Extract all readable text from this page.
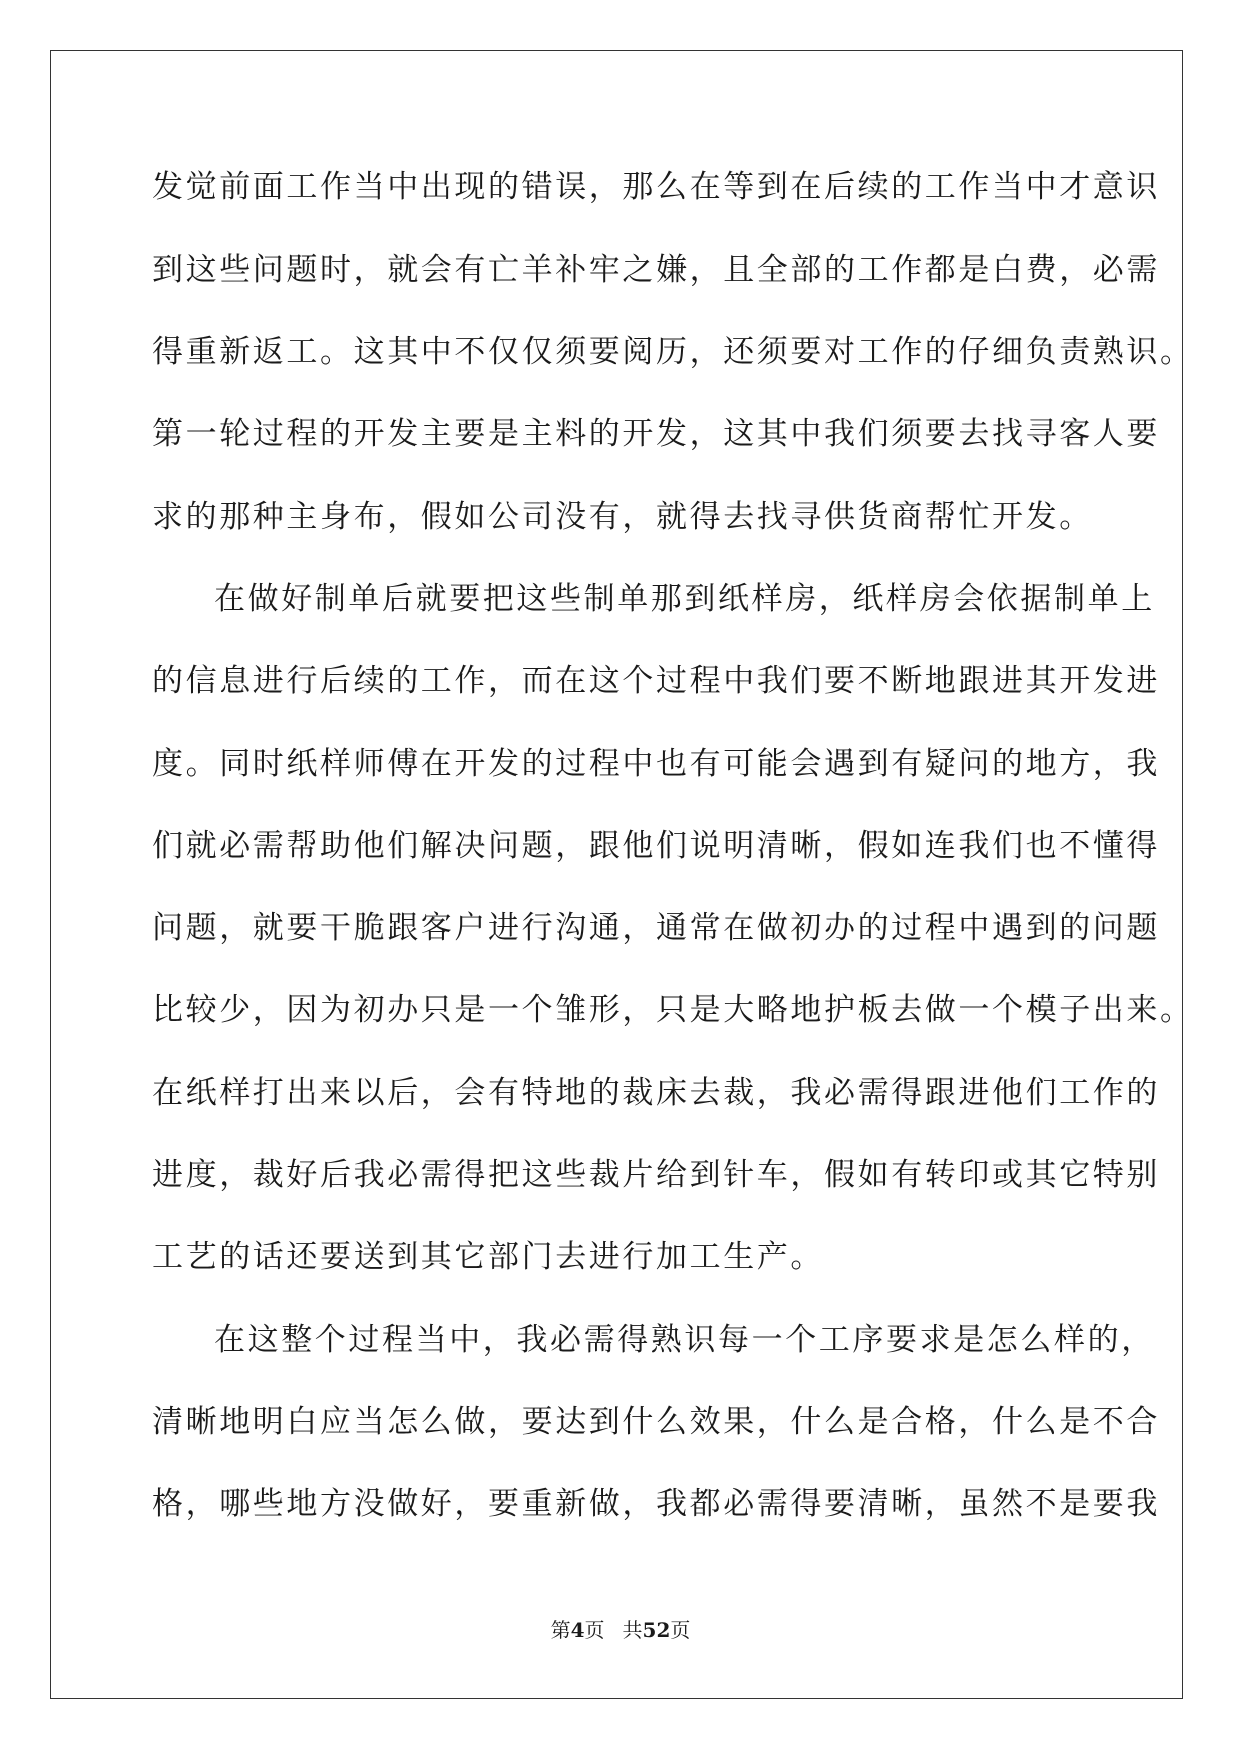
发觉前面工作当中出现的错误，那么在等到在后续的工作当中才意识
到这些问题时，就会有亡羊补牢之嫌，且全部的工作都是白费，必需
得重新返工。这其中不仅仅须要阅历，还须要对工作的仔细负责熟识。
第一轮过程的开发主要是主料的开发，这其中我们须要去找寻客人要
求的那种主身布，假如公司没有，就得去找寻供货商帮忙开发。
在做好制单后就要把这些制单那到纸样房，纸样房会依据制单上
的信息进行后续的工作，而在这个过程中我们要不断地跟进其开发进
度。同时纸样师傅在开发的过程中也有可能会遇到有疑问的地方，我
们就必需帮助他们解决问题，跟他们说明清晰，假如连我们也不懂得
问题，就要干脆跟客户进行沟通，通常在做初办的过程中遇到的问题
比较少，因为初办只是一个雏形，只是大略地护板去做一个模子出来。
在纸样打出来以后，会有特地的裁床去裁，我必需得跟进他们工作的
进度，裁好后我必需得把这些裁片给到针车，假如有转印或其它特别
工艺的话还要送到其它部门去进行加工生产。
在这整个过程当中，我必需得熟识每一个工序要求是怎么样的，
清晰地明白应当怎么做，要达到什么效果，什么是合格，什么是不合
格，哪些地方没做好，要重新做，我都必需得要清晰，虽然不是要我
第4页 共52页
